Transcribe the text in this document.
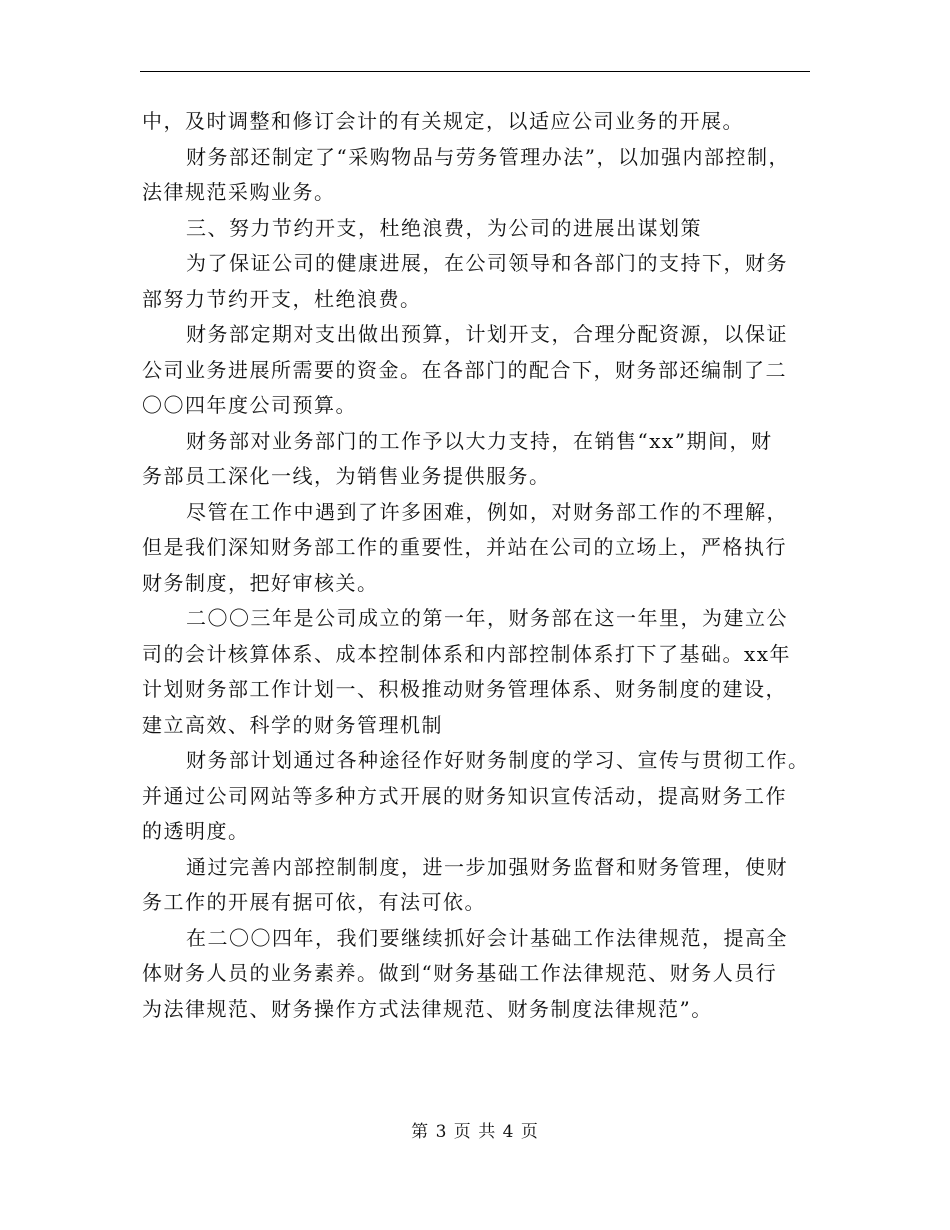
中，及时调整和修订会计的有关规定，以适应公司业务的开展。
财务部还制定了“采购物品与劳务管理办法”，以加强内部控制，
法律规范采购业务。
三、努力节约开支，杜绝浪费，为公司的进展出谋划策
为了保证公司的健康进展，在公司领导和各部门的支持下，财务
部努力节约开支，杜绝浪费。
财务部定期对支出做出预算，计划开支，合理分配资源，以保证
公司业务进展所需要的资金。在各部门的配合下，财务部还编制了二
〇〇四年度公司预算。
财务部对业务部门的工作予以大力支持，在销售“xx”期间，财
务部员工深化一线，为销售业务提供服务。
尽管在工作中遇到了许多困难，例如，对财务部工作的不理解，
但是我们深知财务部工作的重要性，并站在公司的立场上，严格执行
财务制度，把好审核关。
二〇〇三年是公司成立的第一年，财务部在这一年里，为建立公
司的会计核算体系、成本控制体系和内部控制体系打下了基础。xx年
计划财务部工作计划一、积极推动财务管理体系、财务制度的建设，
建立高效、科学的财务管理机制
财务部计划通过各种途径作好财务制度的学习、宣传与贯彻工作。
并通过公司网站等多种方式开展的财务知识宣传活动，提高财务工作
的透明度。
通过完善内部控制制度，进一步加强财务监督和财务管理，使财
务工作的开展有据可依，有法可依。
在二〇〇四年，我们要继续抓好会计基础工作法律规范，提高全
体财务人员的业务素养。做到“财务基础工作法律规范、财务人员行
为法律规范、财务操作方式法律规范、财务制度法律规范”。
第 3 页 共 4 页
